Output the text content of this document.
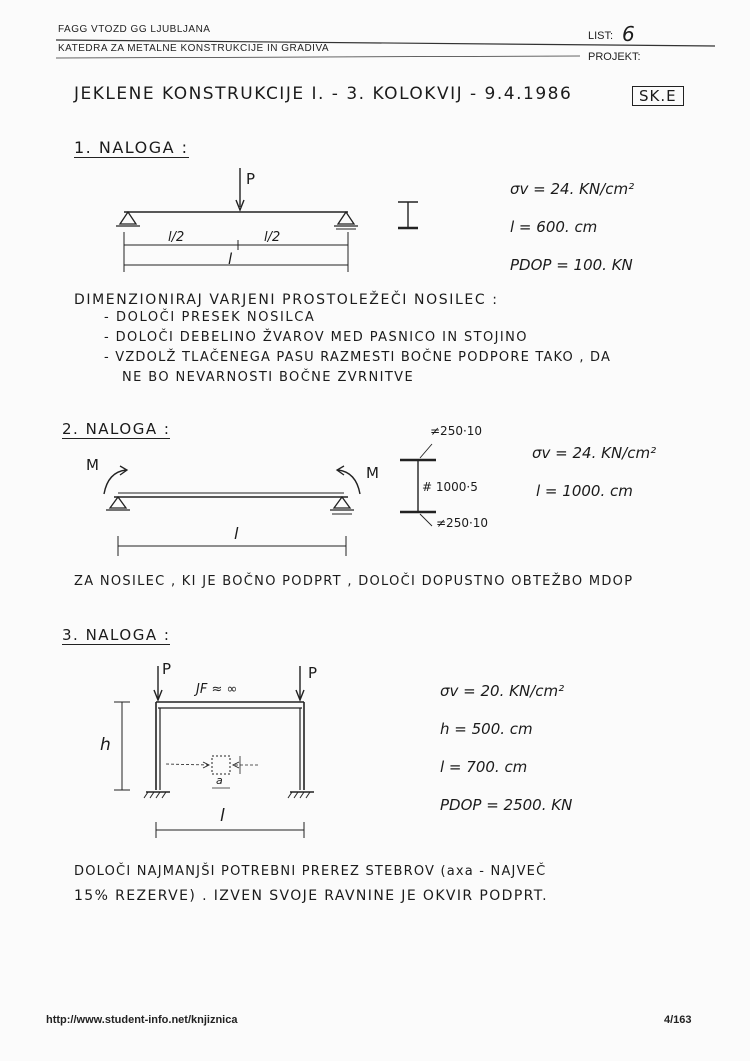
FAGG VTOZD GG LJUBLJANA
KATEDRA ZA METALNE KONSTRUKCIJE IN GRADIVA
LIST: 6
PROJEKT:
JEKLENE KONSTRUKCIJE I. - 3. KOLOKVIJ - 9.4.1986	SK.E
1. NALOGA :
P
l/2	l/2
l
σv = 24. KN/cm²
l = 600. cm
PDOP = 100. KN
DIMENZIONIRAJ VARJENI PROSTOLEŽEČI NOSILEC :
- DOLOČI PRESEK NOSILCA
- DOLOČI DEBELINO ŽVAROV MED PASNICO IN STOJINO
- VZDOLŽ TLAČENEGA PASU RAZMESTI BOČNE PODPORE TAKO , DA
NE BO NEVARNOSTI BOČNE ZVRNITVE
2. NALOGA :
M	M
l
≠250·10
# 1000·5
≠250·10
σv = 24. KN/cm²
l = 1000. cm
ZA NOSILEC , KI JE BOČNO PODPRT , DOLOČI DOPUSTNO OBTEŽBO MDOP
3. NALOGA :
P	P
JF ≈ ∞
h
l
a
σv = 20. KN/cm²
h = 500. cm
l = 700. cm
PDOP = 2500. KN
DOLOČI NAJMANJŠI POTREBNI PREREZ STEBROV (axa - NAJVEČ
15% REZERVE) . IZVEN SVOJE RAVNINE JE OKVIR PODPRT.
http://www.student-info.net/knjiznica	4/163
